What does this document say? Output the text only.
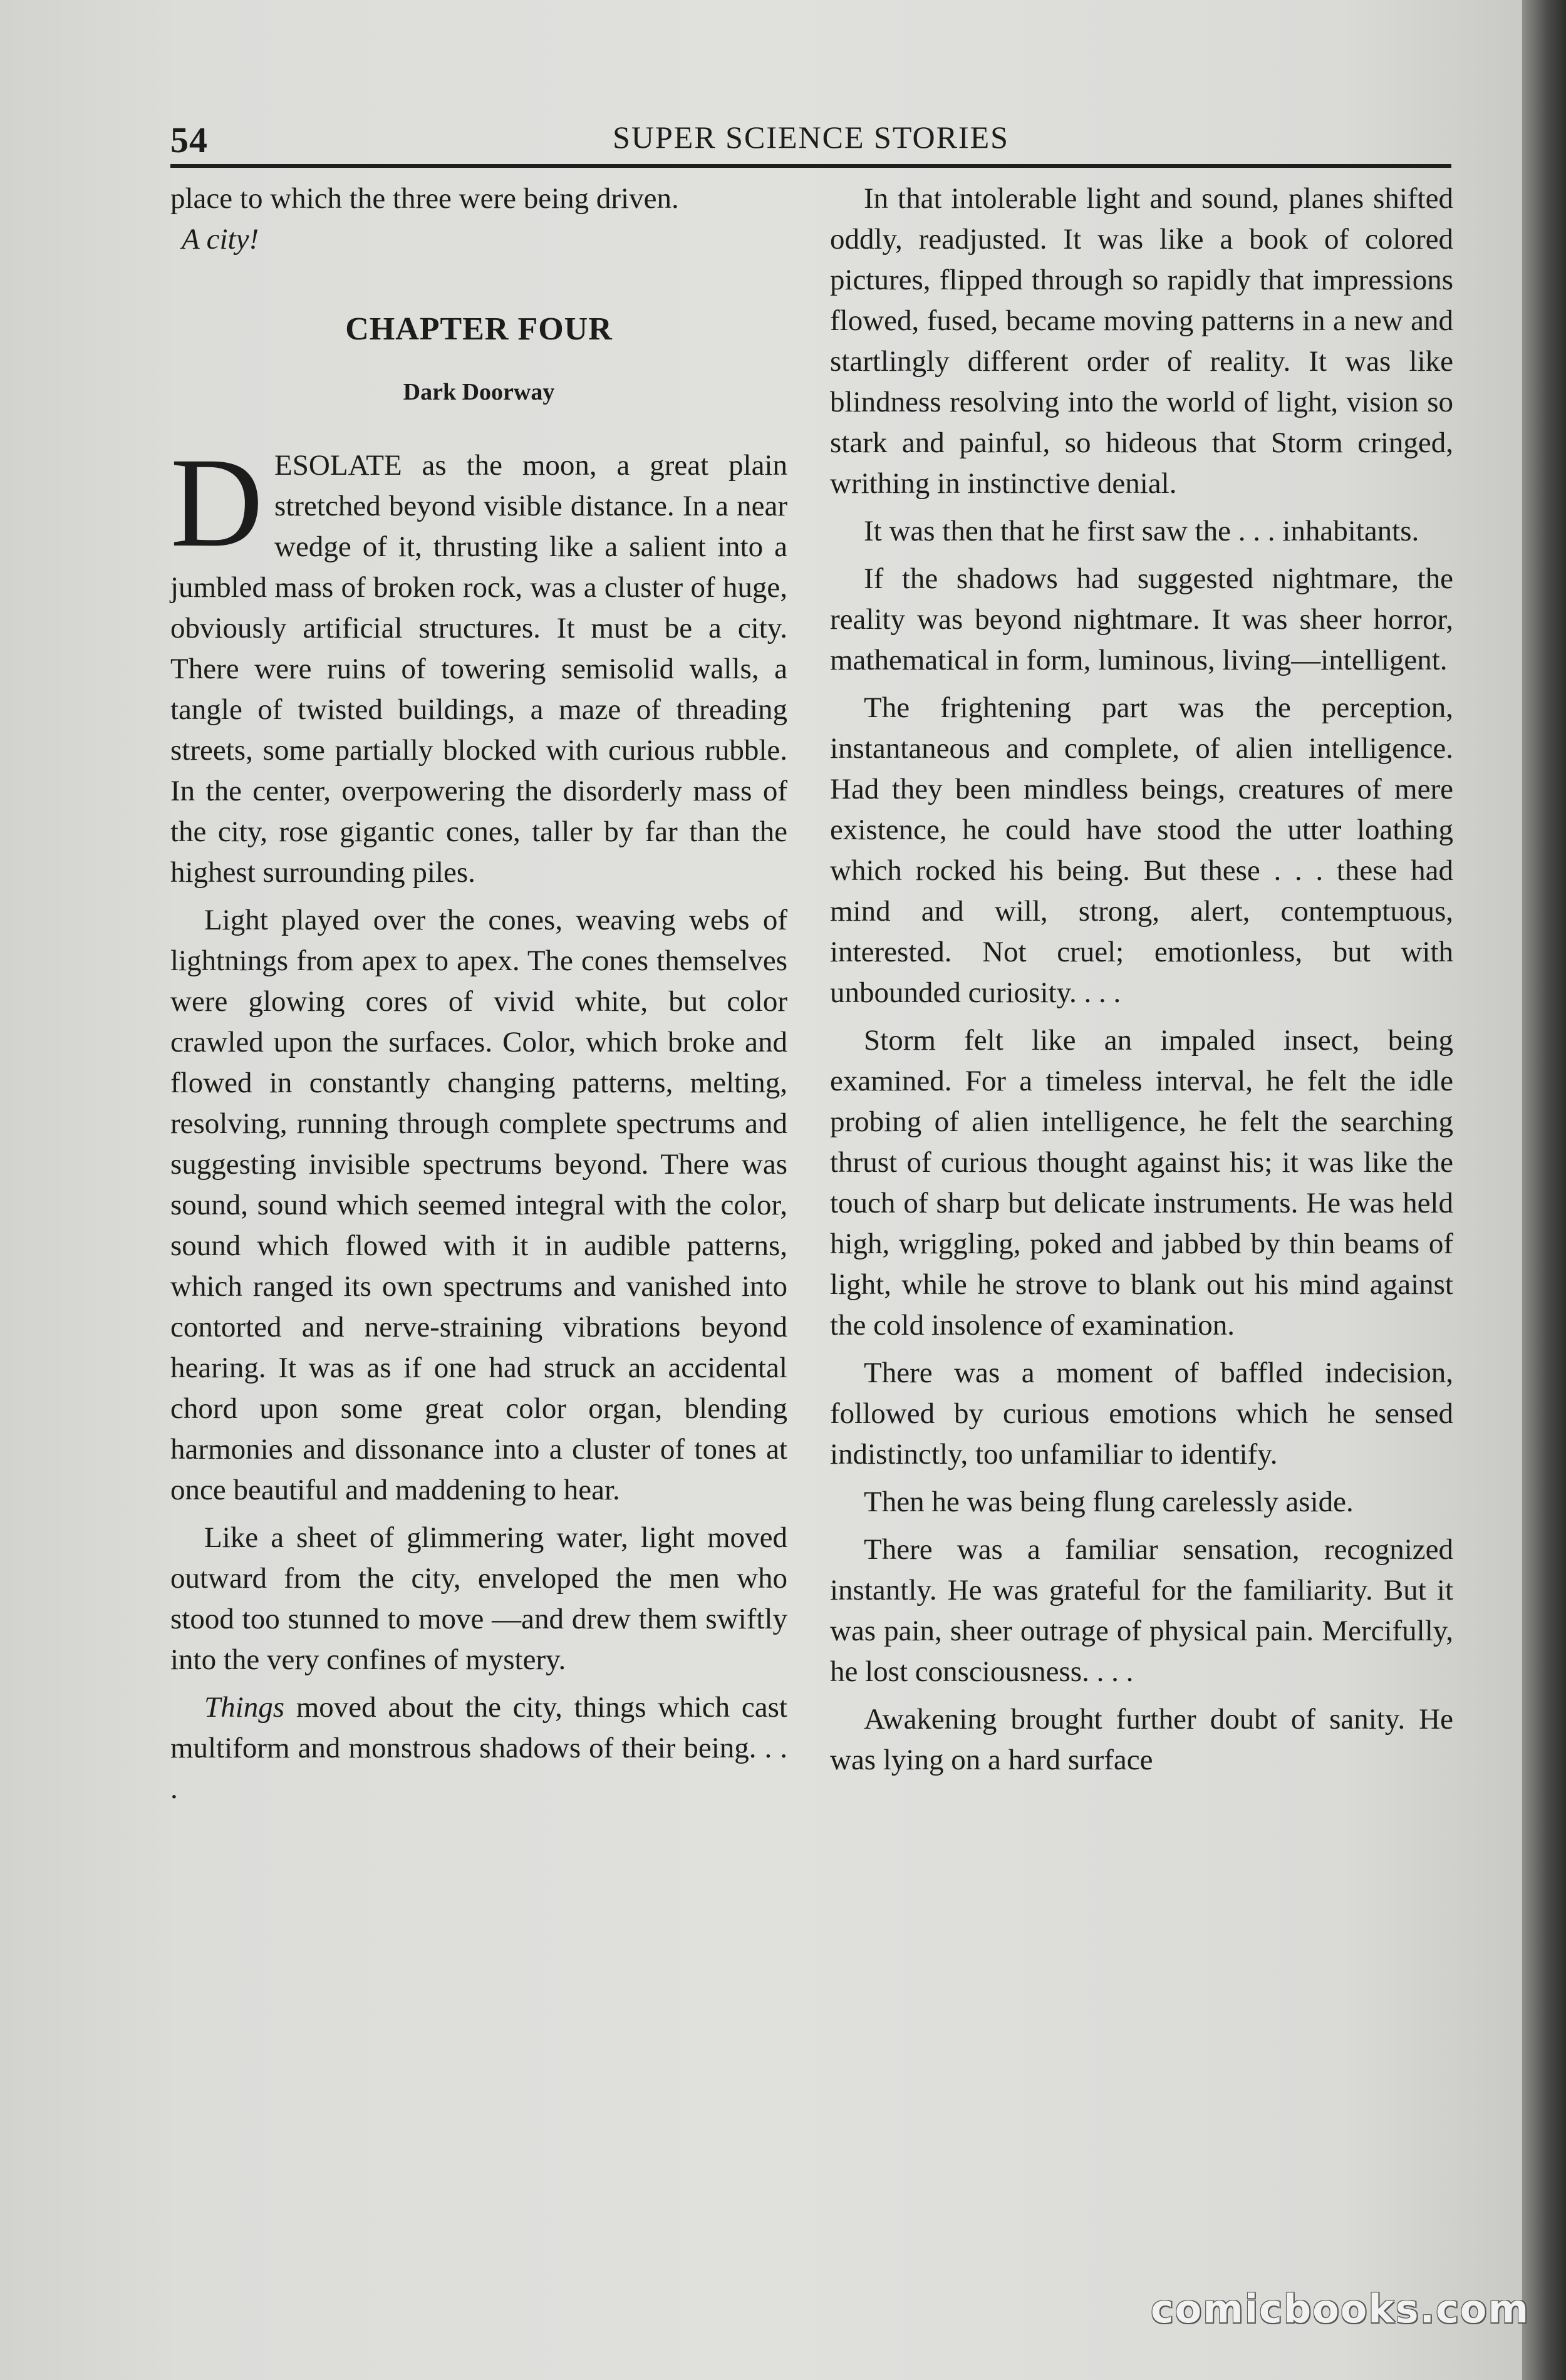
54	SUPER SCIENCE STORIES

place to which the three were being driven.

A city!

CHAPTER FOUR
Dark Doorway

DESOLATE as the moon, a great plain stretched beyond visible distance. In a near wedge of it, thrusting like a salient into a jumbled mass of broken rock, was a cluster of huge, obviously artificial structures. It must be a city. There were ruins of towering semisolid walls, a tangle of twisted buildings, a maze of threading streets, some partially blocked with curious rubble. In the center, overpowering the disorderly mass of the city, rose gigantic cones, taller by far than the highest surrounding piles.

Light played over the cones, weaving webs of lightnings from apex to apex. The cones themselves were glowing cores of vivid white, but color crawled upon the surfaces. Color, which broke and flowed in constantly changing patterns, melting, resolving, running through complete spectrums and suggesting invisible spectrums beyond. There was sound, sound which seemed integral with the color, sound which flowed with it in audible patterns, which ranged its own spectrums and vanished into contorted and nerve-straining vibrations beyond hearing. It was as if one had struck an accidental chord upon some great color organ, blending harmonies and dissonance into a cluster of tones at once beautiful and maddening to hear.

Like a sheet of glimmering water, light moved outward from the city, enveloped the men who stood too stunned to move —and drew them swiftly into the very confines of mystery.

Things moved about the city, things which cast multiform and monstrous shadows of their being. . . .

In that intolerable light and sound, planes shifted oddly, readjusted. It was like a book of colored pictures, flipped through so rapidly that impressions flowed, fused, became moving patterns in a new and startlingly different order of reality. It was like blindness resolving into the world of light, vision so stark and painful, so hideous that Storm cringed, writhing in instinctive denial.

It was then that he first saw the . . . inhabitants.

If the shadows had suggested nightmare, the reality was beyond nightmare. It was sheer horror, mathematical in form, luminous, living—intelligent.

The frightening part was the perception, instantaneous and complete, of alien intelligence. Had they been mindless beings, creatures of mere existence, he could have stood the utter loathing which rocked his being. But these . . . these had mind and will, strong, alert, contemptuous, interested. Not cruel; emotionless, but with unbounded curiosity. . . .

Storm felt like an impaled insect, being examined. For a timeless interval, he felt the idle probing of alien intelligence, he felt the searching thrust of curious thought against his; it was like the touch of sharp but delicate instruments. He was held high, wriggling, poked and jabbed by thin beams of light, while he strove to blank out his mind against the cold insolence of examination.

There was a moment of baffled indecision, followed by curious emotions which he sensed indistinctly, too unfamiliar to identify.

Then he was being flung carelessly aside.

There was a familiar sensation, recognized instantly. He was grateful for the familiarity. But it was pain, sheer outrage of physical pain. Mercifully, he lost consciousness. . . .

Awakening brought further doubt of sanity. He was lying on a hard surface

comicbooks.com
